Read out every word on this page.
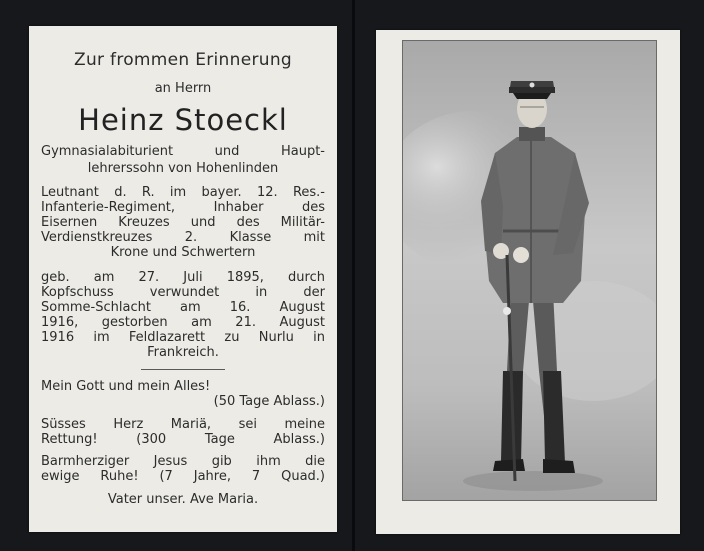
Zur frommen Erinnerung
an Herrn
Heinz Stoeckl
Gymnasialabiturient und Haupt-
lehrerssohn von Hohenlinden
Leutnant d. R. im bayer. 12. Res.-
Infanterie-Regiment, Inhaber des
Eisernen Kreuzes und des Militär-
Verdienstkreuzes 2. Klasse mit
Krone und Schwertern
geb. am 27. Juli 1895, durch
Kopfschuss verwundet in der
Somme-Schlacht am 16. August
1916, gestorben am 21. August
1916 im Feldlazarett zu Nurlu in
Frankreich.
Mein Gott und mein Alles!
(50 Tage Ablass.)
Süsses Herz Mariä, sei meine
Rettung! (300 Tage Ablass.)
Barmherziger Jesus gib ihm die
ewige Ruhe! (7 Jahre, 7 Quad.)
Vater unser. Ave Maria.
